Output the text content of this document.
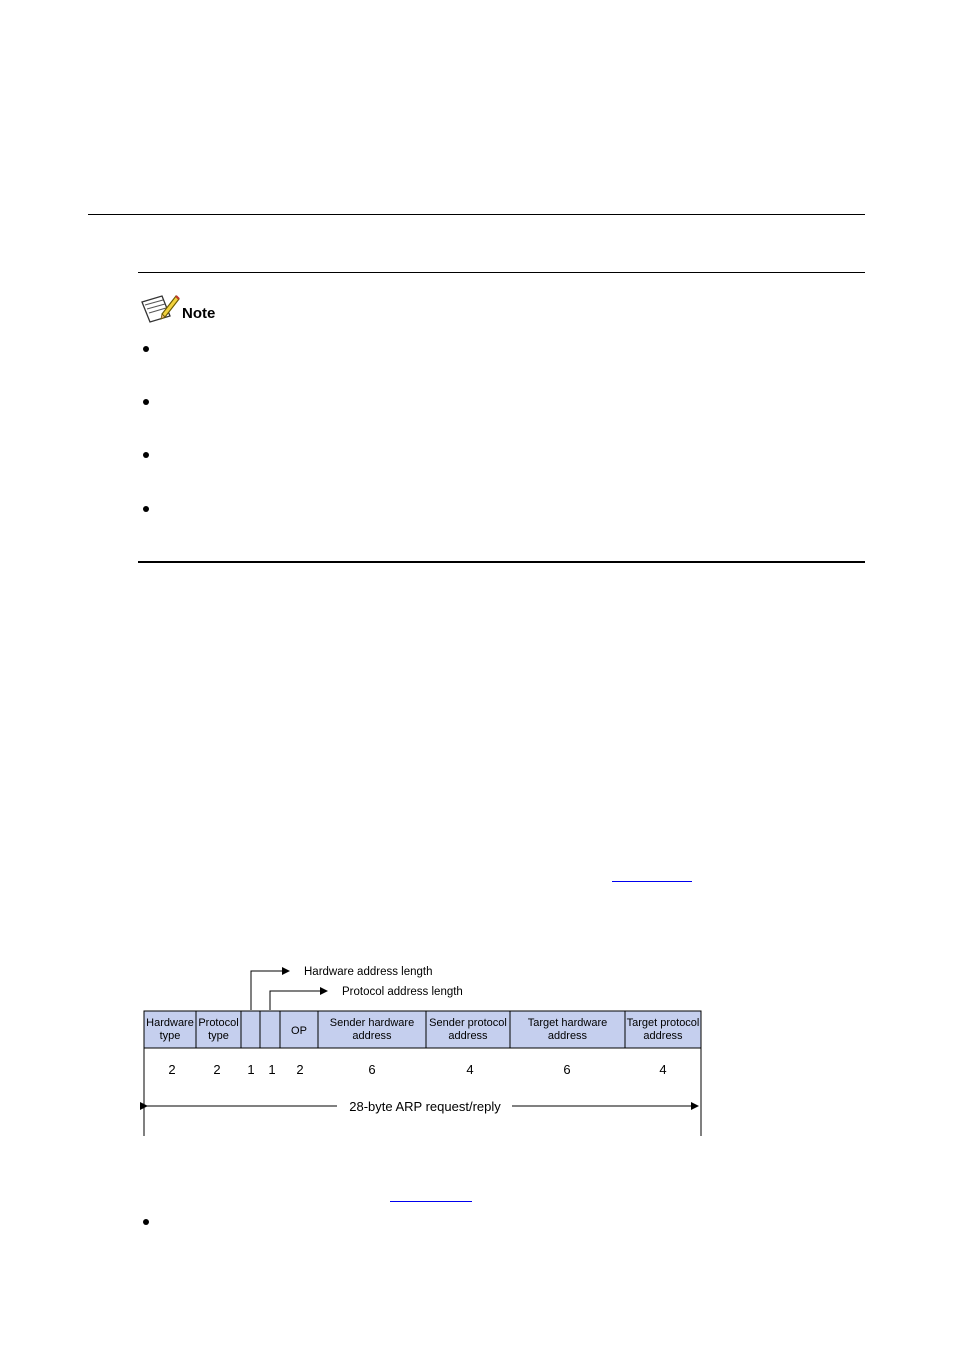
Note
Hardware address length
Protocol address length
Hardware
type
2
Protocol
type
2 1 1
OP
2
Sender hardware
address
6
Sender protocol
address
4
Target hardware
address
6
Target protocol
address
4
28-byte ARP request/reply
